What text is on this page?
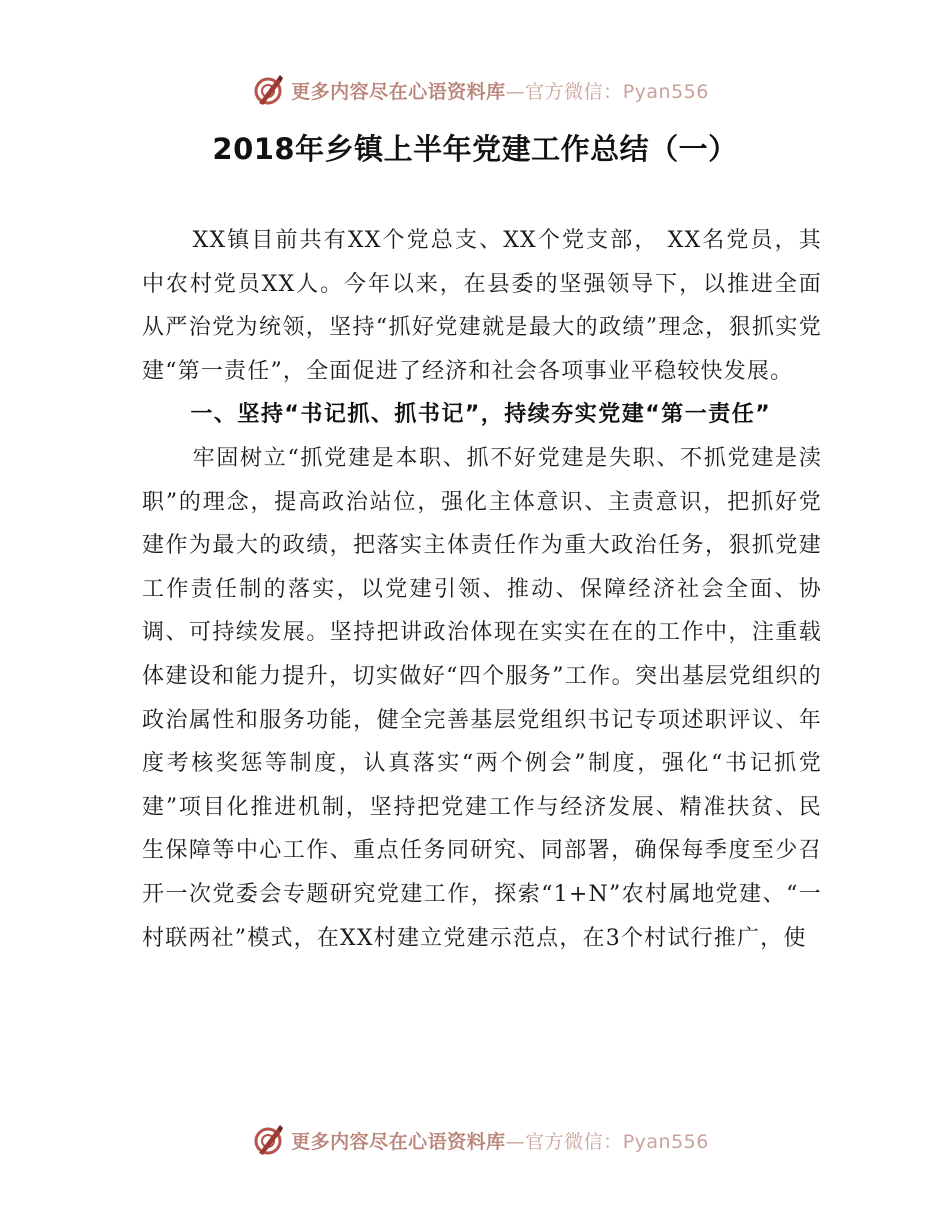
更多内容尽在心语资料库—官方微信：Pyan556
2018年乡镇上半年党建工作总结（一）

XX镇目前共有XX个党总支、XX个党支部， XX名党员，其中农村党员XX人。今年以来，在县委的坚强领导下，以推进全面从严治党为统领，坚持“抓好党建就是最大的政绩”理念，狠抓实党建“第一责任”，全面促进了经济和社会各项事业平稳较快发展。

一、坚持“书记抓、抓书记”，持续夯实党建“第一责任”

牢固树立“抓党建是本职、抓不好党建是失职、不抓党建是渎职”的理念，提高政治站位，强化主体意识、主责意识，把抓好党建作为最大的政绩，把落实主体责任作为重大政治任务，狠抓党建工作责任制的落实，以党建引领、推动、保障经济社会全面、协调、可持续发展。坚持把讲政治体现在实实在在的工作中，注重载体建设和能力提升，切实做好“四个服务”工作。突出基层党组织的政治属性和服务功能，健全完善基层党组织书记专项述职评议、年度考核奖惩等制度，认真落实“两个例会”制度，强化“书记抓党建”项目化推进机制，坚持把党建工作与经济发展、精准扶贫、民生保障等中心工作、重点任务同研究、同部署，确保每季度至少召开一次党委会专题研究党建工作，探索“1+N”农村属地党建、“一村联两社”模式，在XX村建立党建示范点，在3个村试行推广，使

更多内容尽在心语资料库—官方微信：Pyan556
